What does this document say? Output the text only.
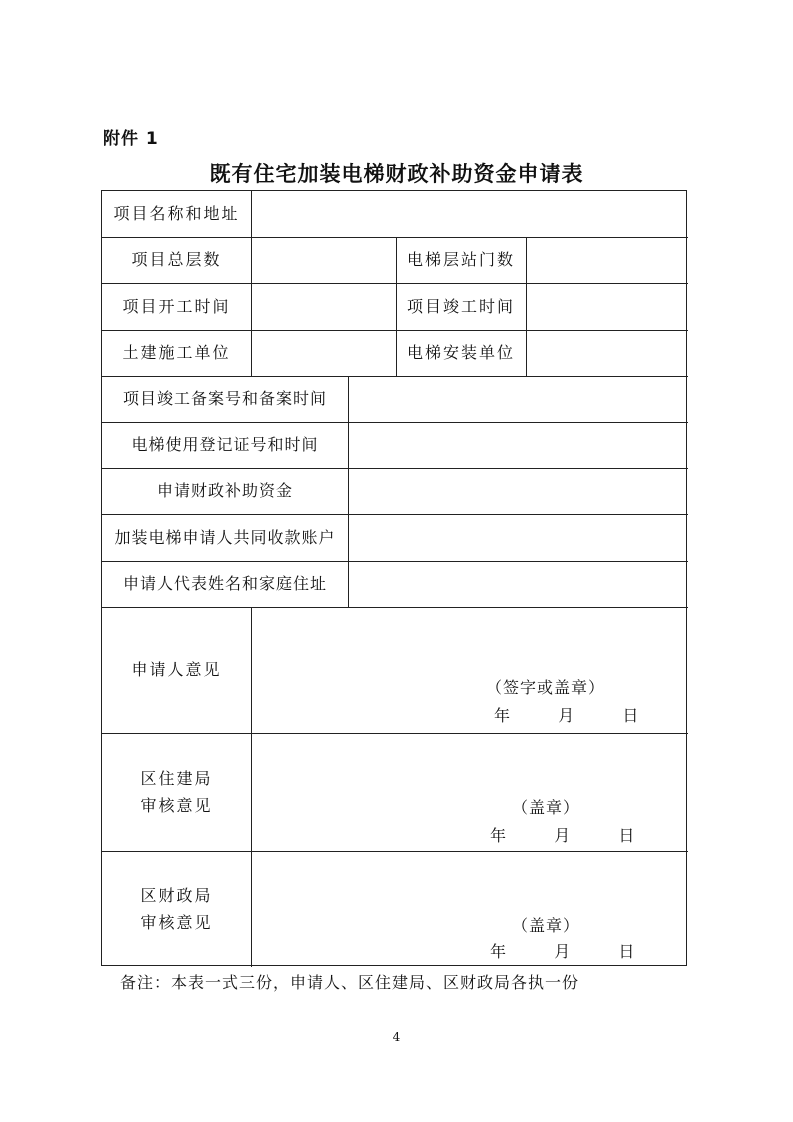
附件 1
既有住宅加装电梯财政补助资金申请表
项目名称和地址
项目总层数	电梯层站门数
项目开工时间	项目竣工时间
土建施工单位	电梯安装单位
项目竣工备案号和备案时间
电梯使用登记证号和时间
申请财政补助资金
加装电梯申请人共同收款账户
申请人代表姓名和家庭住址
申请人意见
（签字或盖章）
年	月	日
区住建局
审核意见	（盖章）
年	月	日
区财政局
审核意见	（盖章）
年	月	日
备注：本表一式三份，申请人、区住建局、区财政局各执一份
4
